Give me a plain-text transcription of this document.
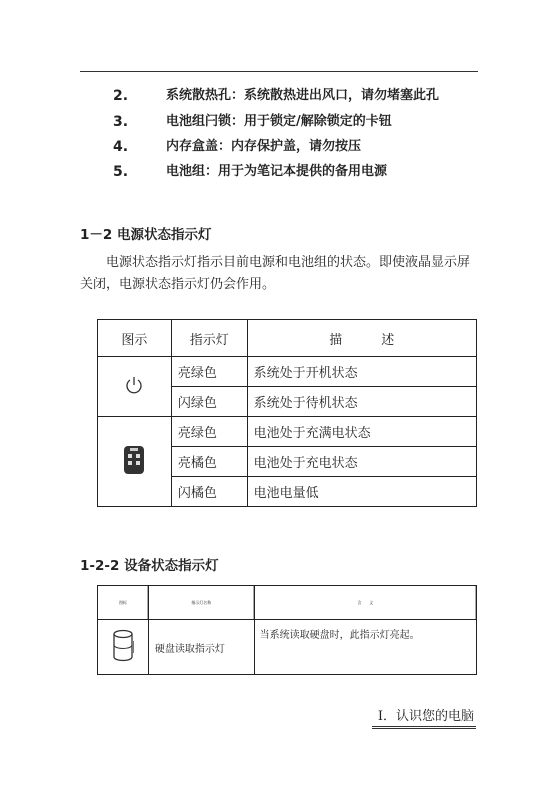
2.	系统散热孔：系统散热进出风口，请勿堵塞此孔
3.	电池组闩锁：用于锁定/解除锁定的卡钮
4.	内存盒盖：内存保护盖，请勿按压
5.	电池组：用于为笔记本提供的备用电源
1－2 电源状态指示灯

电源状态指示灯指示目前电源和电池组的状态。即使液晶显示屏关闭，电源状态指示灯仍会作用。

图示	指示灯	描　　　述
	亮绿色	系统处于开机状态
	闪绿色	系统处于待机状态
	亮绿色	电池处于充满电状态
	亮橘色	电池处于充电状态
	闪橘色	电池电量低
1-2-2 设备状态指示灯
图标	指示灯名称	含　　义
	硬盘读取指示灯	当系统读取硬盘时，此指示灯亮起。
I．认识您的电脑
